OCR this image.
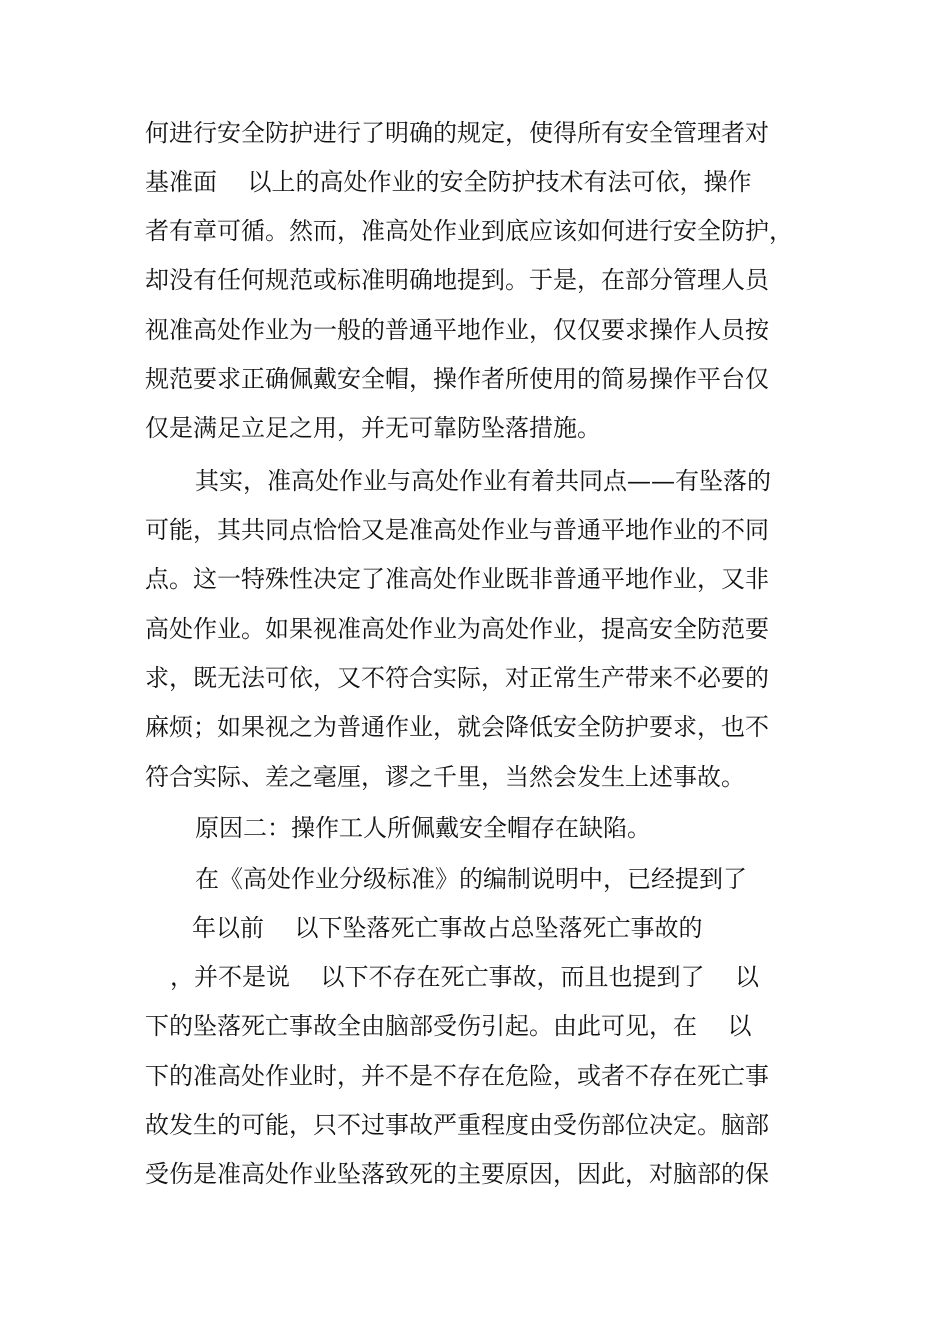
何进行安全防护进行了明确的规定，使得所有安全管理者对

基准面    以上的高处作业的安全防护技术有法可依，操作

者有章可循。然而，准高处作业到底应该如何进行安全防护，

却没有任何规范或标准明确地提到。于是，在部分管理人员

视准高处作业为一般的普通平地作业，仅仅要求操作人员按

规范要求正确佩戴安全帽，操作者所使用的简易操作平台仅

仅是满足立足之用，并无可靠防坠落措施。

其实，准高处作业与高处作业有着共同点——有坠落的

可能，其共同点恰恰又是准高处作业与普通平地作业的不同

点。这一特殊性决定了准高处作业既非普通平地作业，又非

高处作业。如果视准高处作业为高处作业，提高安全防范要

求，既无法可依，又不符合实际，对正常生产带来不必要的

麻烦；如果视之为普通作业，就会降低安全防护要求，也不

符合实际、差之毫厘，谬之千里，当然会发生上述事故。

原因二：操作工人所佩戴安全帽存在缺陷。

在《高处作业分级标准》的编制说明中，已经提到了

年以前    以下坠落死亡事故占总坠落死亡事故的

，并不是说    以下不存在死亡事故，而且也提到了    以

下的坠落死亡事故全由脑部受伤引起。由此可见，在    以

下的准高处作业时，并不是不存在危险，或者不存在死亡事

故发生的可能，只不过事故严重程度由受伤部位决定。脑部

受伤是准高处作业坠落致死的主要原因，因此，对脑部的保
